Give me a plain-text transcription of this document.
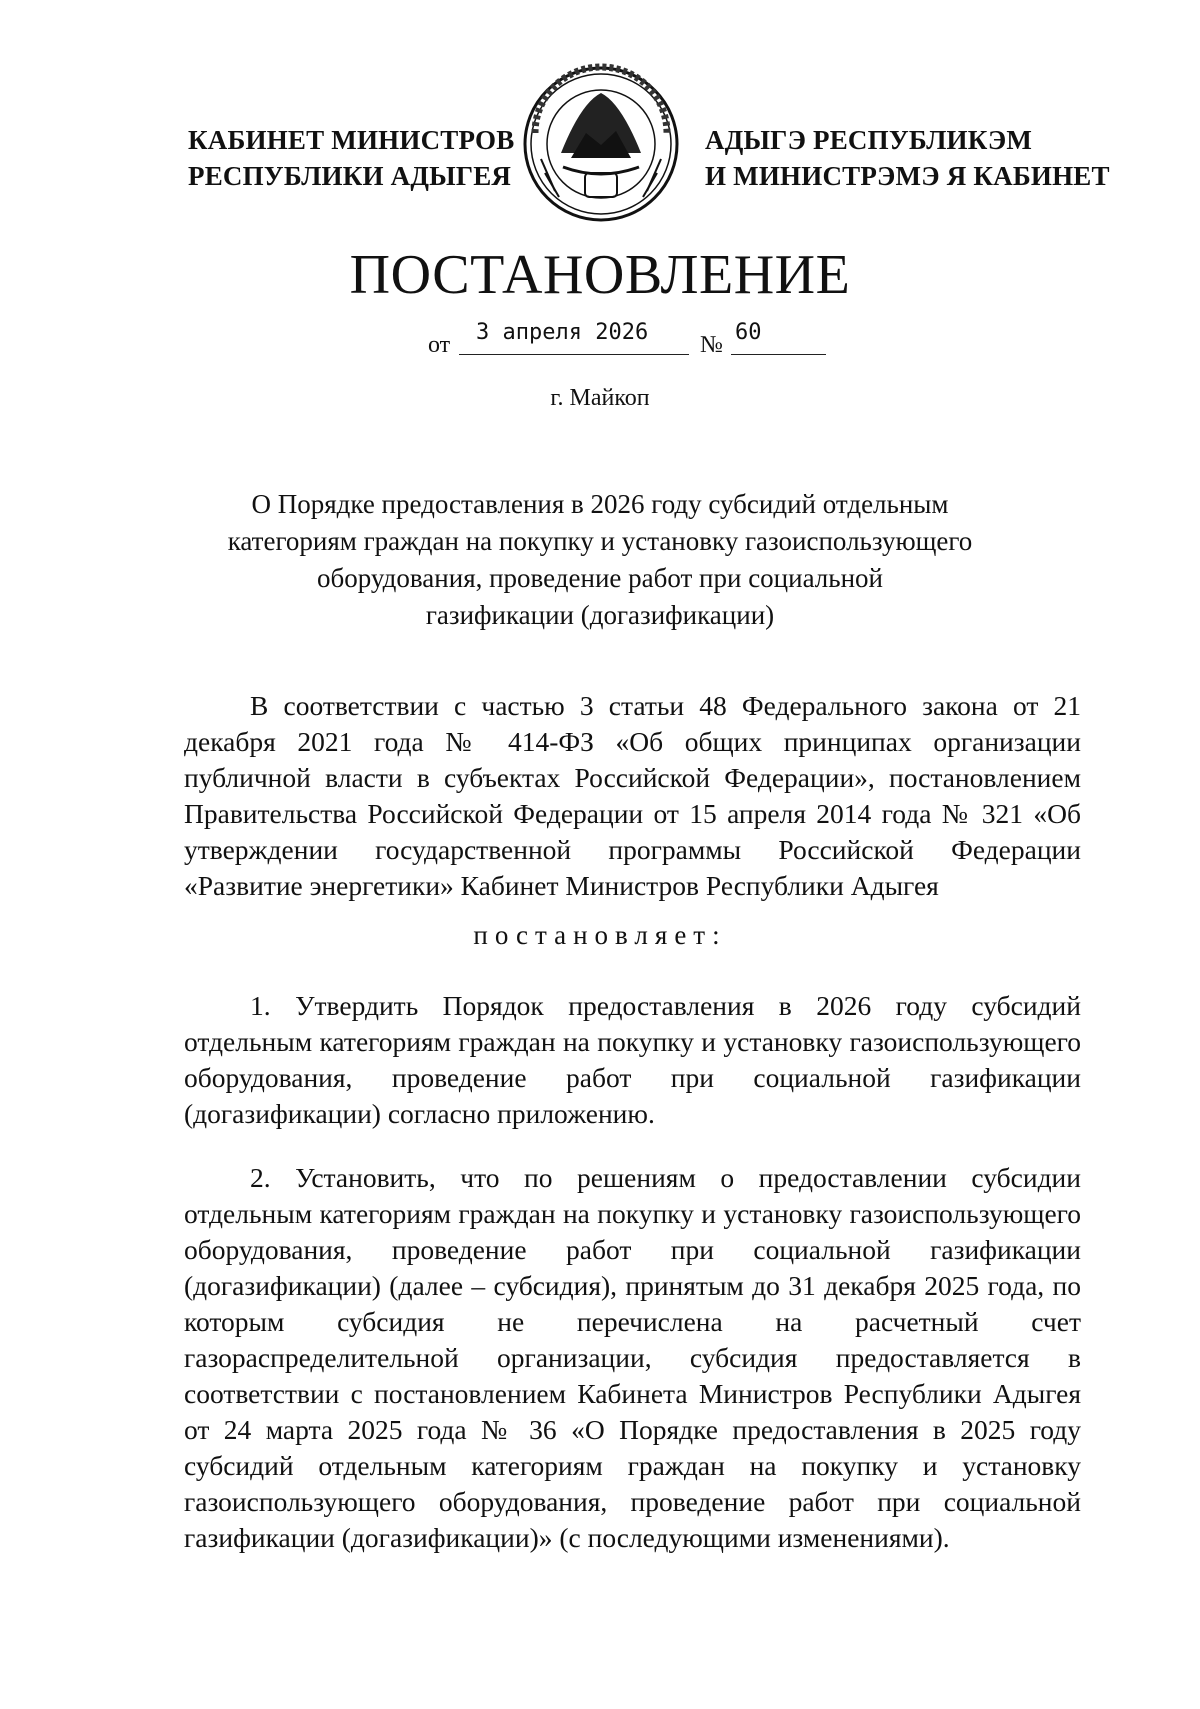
КАБИНЕТ МИНИСТРОВ
РЕСПУБЛИКИ АДЫГЕЯ
АДЫГЭ РЕСПУБЛИКЭМ
И МИНИСТРЭМЭ Я КАБИНЕТ
ПОСТАНОВЛЕНИЕ
от	3 апреля 2026	№ 60
г. Майкоп
О Порядке предоставления в 2026 году субсидий отдельным
категориям граждан на покупку и установку газоиспользующего
оборудования, проведение работ при социальной
газификации (догазификации)

В соответствии с частью 3 статьи 48 Федерального закона от 21 декабря 2021 года № 414-ФЗ «Об общих принципах организации публичной власти в субъектах Российской Федерации», постановлением Правительства Российской Федерации от 15 апреля 2014 года № 321 «Об утверждении государственной программы Российской Федерации «Развитие энергетики» Кабинет Министров Республики Адыгея

постановляет:

1. Утвердить Порядок предоставления в 2026 году субсидий отдельным категориям граждан на покупку и установку газоиспользующего оборудования, проведение работ при социальной газификации (догазификации) согласно приложению.

2. Установить, что по решениям о предоставлении субсидии отдельным категориям граждан на покупку и установку газоиспользующего оборудования, проведение работ при социальной газификации (догазификации) (далее – субсидия), принятым до 31 декабря 2025 года, по которым субсидия не перечислена на расчетный счет газораспределительной организации, субсидия предоставляется в соответствии с постановлением Кабинета Министров Республики Адыгея от 24 марта 2025 года № 36 «О Порядке предоставления в 2025 году субсидий отдельным категориям граждан на покупку и установку газоиспользующего оборудования, проведение работ при социальной газификации (догазификации)» (с последующими изменениями).
